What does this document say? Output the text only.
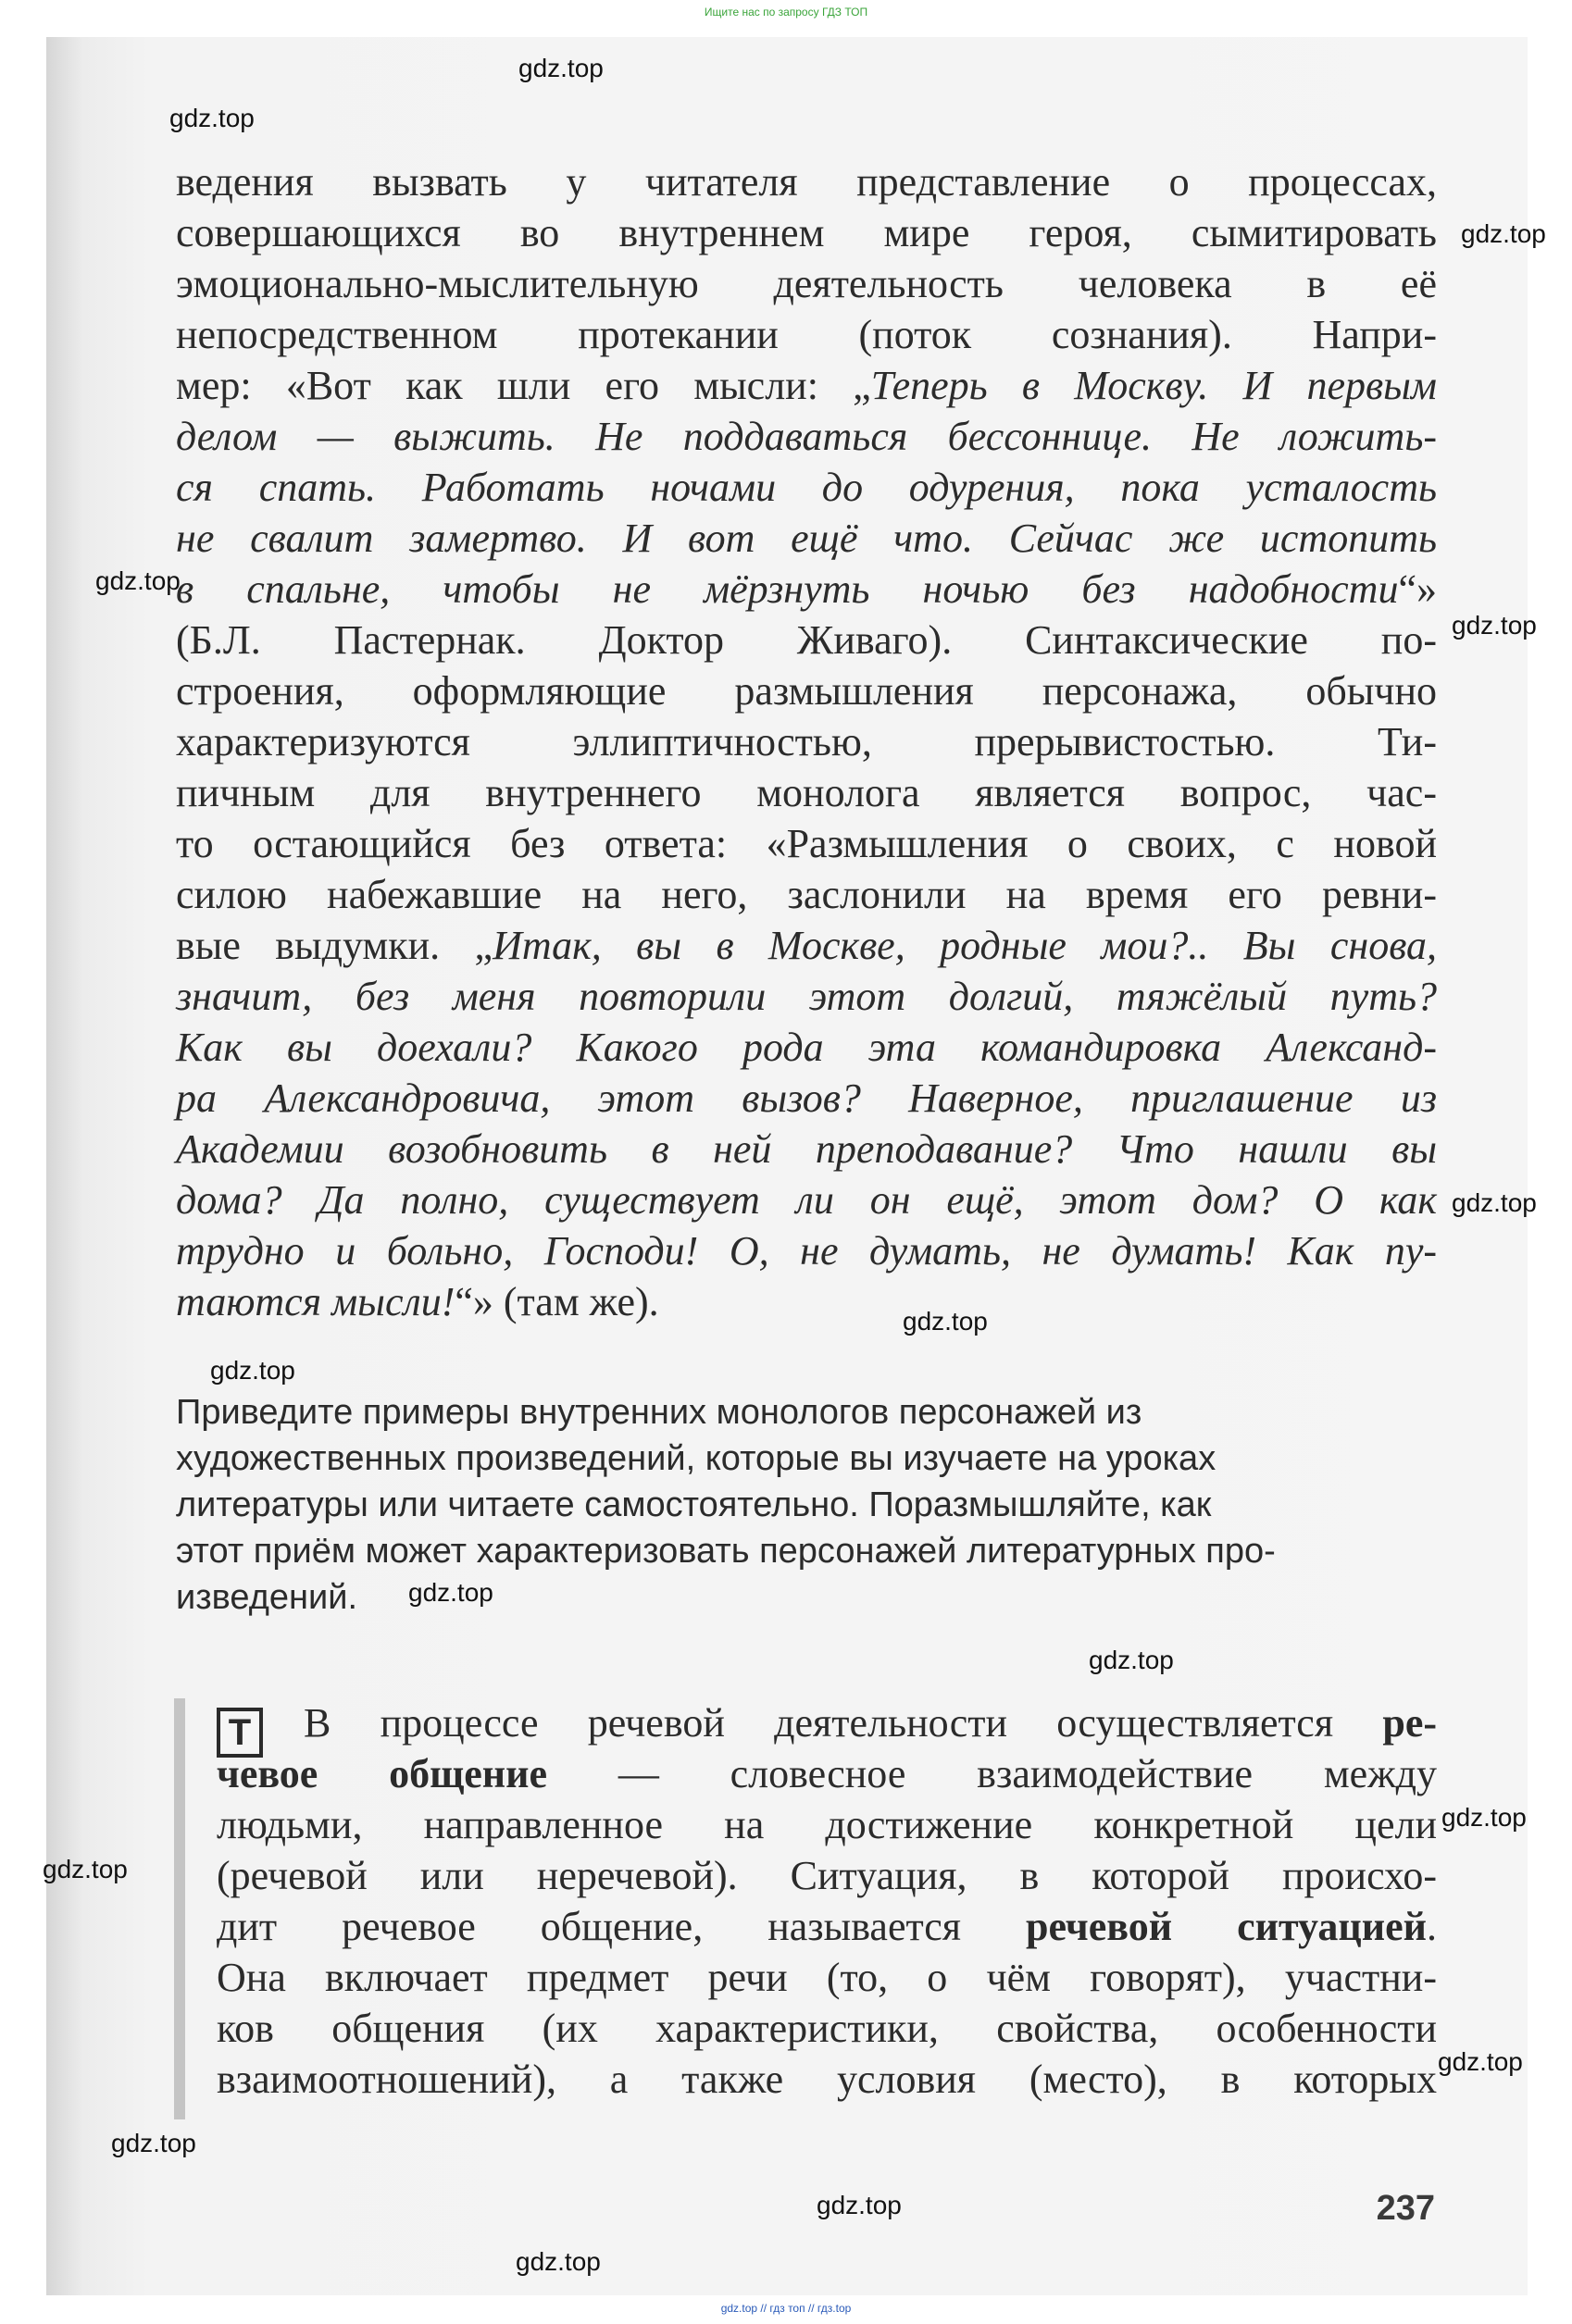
Ищите нас по запросу ГДЗ ТОП
ведения вызвать у читателя представление о процессах,
совершающихся во внутреннем мире героя, сымитировать
эмоционально-мыслительную деятельность человека в её
непосредственном протекании (поток сознания). Напри-
мер: «Вот как шли его мысли: „Теперь в Москву. И первым
делом — выжить. Не поддаваться бессоннице. Не ложить-
ся спать. Работать ночами до одурения, пока усталость
не свалит замертво. И вот ещё что. Сейчас же истопить
в спальне, чтобы не мёрзнуть ночью без надобности“»
(Б.Л. Пастернак. Доктор Живаго). Синтаксические по-
строения, оформляющие размышления персонажа, обычно
характеризуются эллиптичностью, прерывистостью. Ти-
пичным для внутреннего монолога является вопрос, час-
то остающийся без ответа: «Размышления о своих, с новой
силою набежавшие на него, заслонили на время его ревни-
вые выдумки. „Итак, вы в Москве, родные мои?.. Вы снова,
значит, без меня повторили этот долгий, тяжёлый путь?
Как вы доехали? Какого рода эта командировка Александ-
ра Александровича, этот вызов? Наверное, приглашение из
Академии возобновить в ней преподавание? Что нашли вы
дома? Да полно, существует ли он ещё, этот дом? О как
трудно и больно, Господи! О, не думать, не думать! Как пу-
таются мысли!“» (там же).
Приведите примеры внутренних монологов персонажей из
художественных произведений, которые вы изучаете на уроках
литературы или читаете самостоятельно. Поразмышляйте, как
этот приём может характеризовать персонажей литературных про-
изведений.
Т В процессе речевой деятельности осуществляется ре-
чевое общение — словесное взаимодействие между
людьми, направленное на достижение конкретной цели
(речевой или неречевой). Ситуация, в которой происхо-
дит речевое общение, называется речевой ситуацией.
Она включает предмет речи (то, о чём говорят), участни-
ков общения (их характеристики, свойства, особенности
взаимоотношений), а также условия (место), в которых
237
gdz.top
gdz.top
gdz.top
gdz.top
gdz.top
gdz.top
gdz.top
gdz.top
gdz.top
gdz.top
gdz.top
gdz.top
gdz.top
gdz.top
gdz.top
gdz.top
gdz.top // гдз топ // гдз.top
